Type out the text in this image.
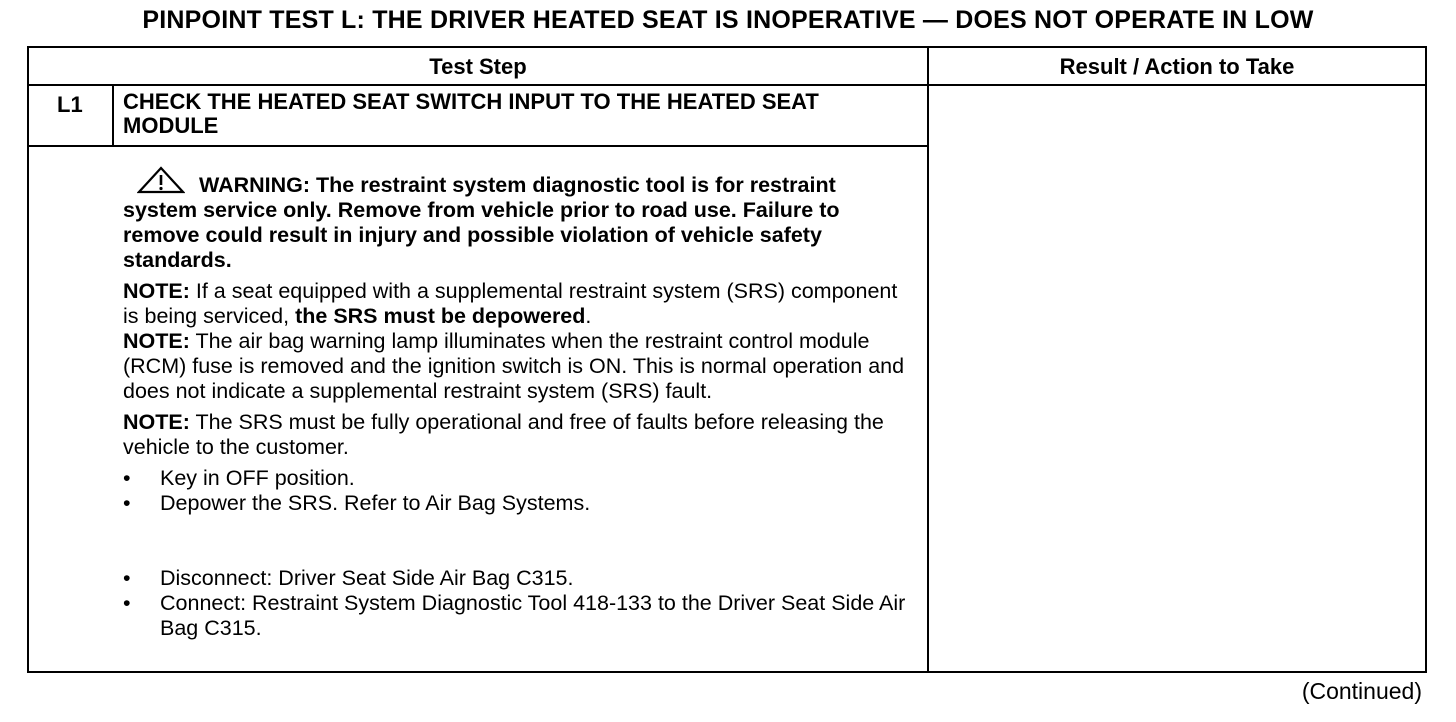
PINPOINT TEST L: THE DRIVER HEATED SEAT IS INOPERATIVE — DOES NOT OPERATE IN LOW
Test Step	Result / Action to Take
L1 CHECK THE HEATED SEAT SWITCH INPUT TO THE HEATED SEAT MODULE

WARNING: The restraint system diagnostic tool is for restraint system service only. Remove from vehicle prior to road use. Failure to remove could result in injury and possible violation of vehicle safety standards.

NOTE: If a seat equipped with a supplemental restraint system (SRS) component is being serviced, the SRS must be depowered.

NOTE: The air bag warning lamp illuminates when the restraint control module (RCM) fuse is removed and the ignition switch is ON. This is normal operation and does not indicate a supplemental restraint system (SRS) fault.

NOTE: The SRS must be fully operational and free of faults before releasing the vehicle to the customer.

• Key in OFF position.
• Depower the SRS. Refer to Air Bag Systems.
• Disconnect: Driver Seat Side Air Bag C315.
• Connect: Restraint System Diagnostic Tool 418-133 to the Driver Seat Side Air Bag C315.
(Continued)
